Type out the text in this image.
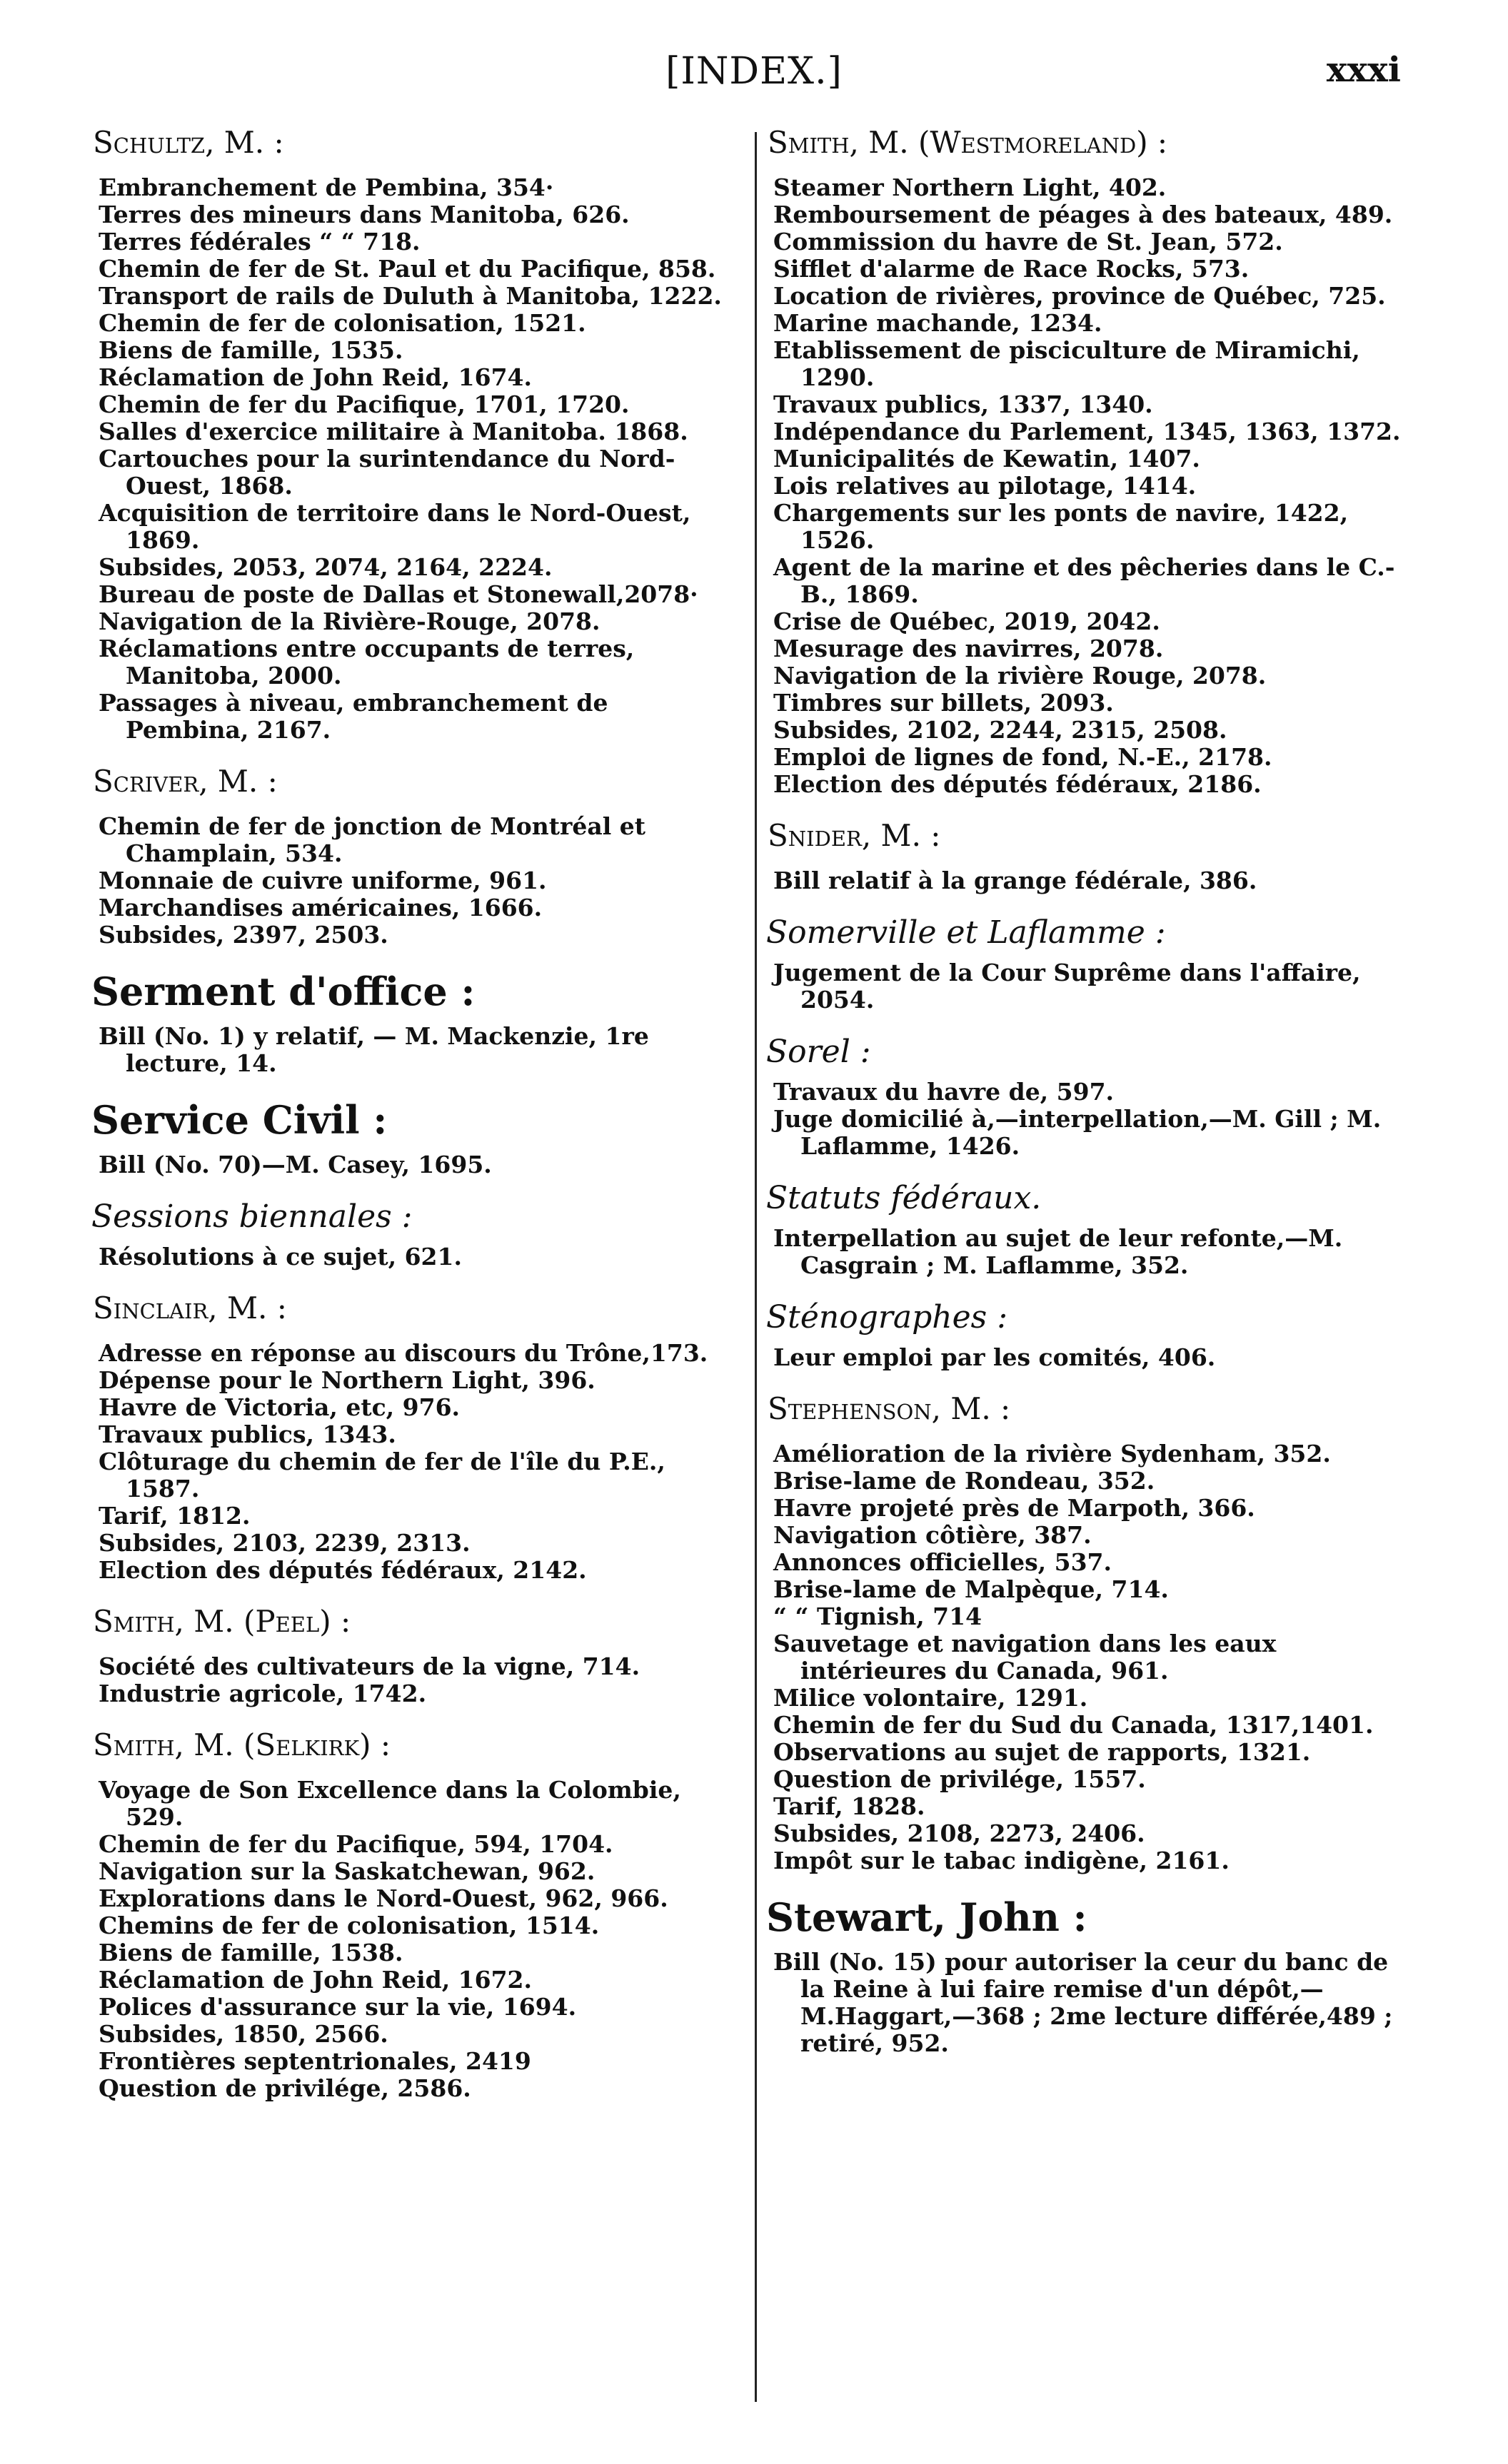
[INDEX.]	xxxi
Schultz, M. :
Embranchement de Pembina, 354·
Terres des mineurs dans Manitoba, 626.
Terres fédérales “ “ 718.
Chemin de fer de St. Paul et du Pacifique, 858.
Transport de rails de Duluth à Manitoba, 1222.
Chemin de fer de colonisation, 1521.
Biens de famille, 1535.
Réclamation de John Reid, 1674.
Chemin de fer du Pacifique, 1701, 1720.
Salles d'exercice militaire à Manitoba. 1868.
Cartouches pour la surintendance du Nord-Ouest, 1868.
Acquisition de territoire dans le Nord-Ouest, 1869.
Subsides, 2053, 2074, 2164, 2224.
Bureau de poste de Dallas et Stonewall,2078·
Navigation de la Rivière-Rouge, 2078.
Réclamations entre occupants de terres, Manitoba, 2000.
Passages à niveau, embranchement de Pembina, 2167.
Scriver, M. :
Chemin de fer de jonction de Montréal et Champlain, 534.
Monnaie de cuivre uniforme, 961.
Marchandises américaines, 1666.
Subsides, 2397, 2503.
Serment d'office :
Bill (No. 1) y relatif, — M. Mackenzie, 1re lecture, 14.
Service Civil :
Bill (No. 70)—M. Casey, 1695.
Sessions biennales :
Résolutions à ce sujet, 621.
Sinclair, M. :
Adresse en réponse au discours du Trône,173.
Dépense pour le Northern Light, 396.
Havre de Victoria, etc, 976.
Travaux publics, 1343.
Clôturage du chemin de fer de l'île du P.E., 1587.
Tarif, 1812.
Subsides, 2103, 2239, 2313.
Election des députés fédéraux, 2142.
Smith, M. (Peel) :
Société des cultivateurs de la vigne, 714.
Industrie agricole, 1742.
Smith, M. (Selkirk) :
Voyage de Son Excellence dans la Colombie, 529.
Chemin de fer du Pacifique, 594, 1704.
Navigation sur la Saskatchewan, 962.
Explorations dans le Nord-Ouest, 962, 966.
Chemins de fer de colonisation, 1514.
Biens de famille, 1538.
Réclamation de John Reid, 1672.
Polices d'assurance sur la vie, 1694.
Subsides, 1850, 2566.
Frontières septentrionales, 2419
Question de privilége, 2586.
Smith, M. (Westmoreland) :
Steamer Northern Light, 402.
Remboursement de péages à des bateaux, 489.
Commission du havre de St. Jean, 572.
Sifflet d'alarme de Race Rocks, 573.
Location de rivières, province de Québec, 725.
Marine machande, 1234.
Etablissement de pisciculture de Miramichi, 1290.
Travaux publics, 1337, 1340.
Indépendance du Parlement, 1345, 1363, 1372.
Municipalités de Kewatin, 1407.
Lois relatives au pilotage, 1414.
Chargements sur les ponts de navire, 1422, 1526.
Agent de la marine et des pêcheries dans le C.-B., 1869.
Crise de Québec, 2019, 2042.
Mesurage des navirres, 2078.
Navigation de la rivière Rouge, 2078.
Timbres sur billets, 2093.
Subsides, 2102, 2244, 2315, 2508.
Emploi de lignes de fond, N.-E., 2178.
Election des députés fédéraux, 2186.
Snider, M. :
Bill relatif à la grange fédérale, 386.
Somerville et Laflamme :
Jugement de la Cour Suprême dans l'affaire, 2054.
Sorel :
Travaux du havre de, 597.
Juge domicilié à,—interpellation,—M. Gill ; M. Laflamme, 1426.
Statuts fédéraux.
Interpellation au sujet de leur refonte,—M. Casgrain ; M. Laflamme, 352.
Sténographes :
Leur emploi par les comités, 406.
Stephenson, M. :
Amélioration de la rivière Sydenham, 352.
Brise-lame de Rondeau, 352.
Havre projeté près de Marpoth, 366.
Navigation côtière, 387.
Annonces officielles, 537.
Brise-lame de Malpèque, 714.
“ “ Tignish, 714
Sauvetage et navigation dans les eaux intérieures du Canada, 961.
Milice volontaire, 1291.
Chemin de fer du Sud du Canada, 1317,1401.
Observations au sujet de rapports, 1321.
Question de privilége, 1557.
Tarif, 1828.
Subsides, 2108, 2273, 2406.
Impôt sur le tabac indigène, 2161.
Stewart, John :
Bill (No. 15) pour autoriser la ceur du banc de la Reine à lui faire remise d'un dépôt,—M.Haggart,—368 ; 2me lecture différée,489 ; retiré, 952.
